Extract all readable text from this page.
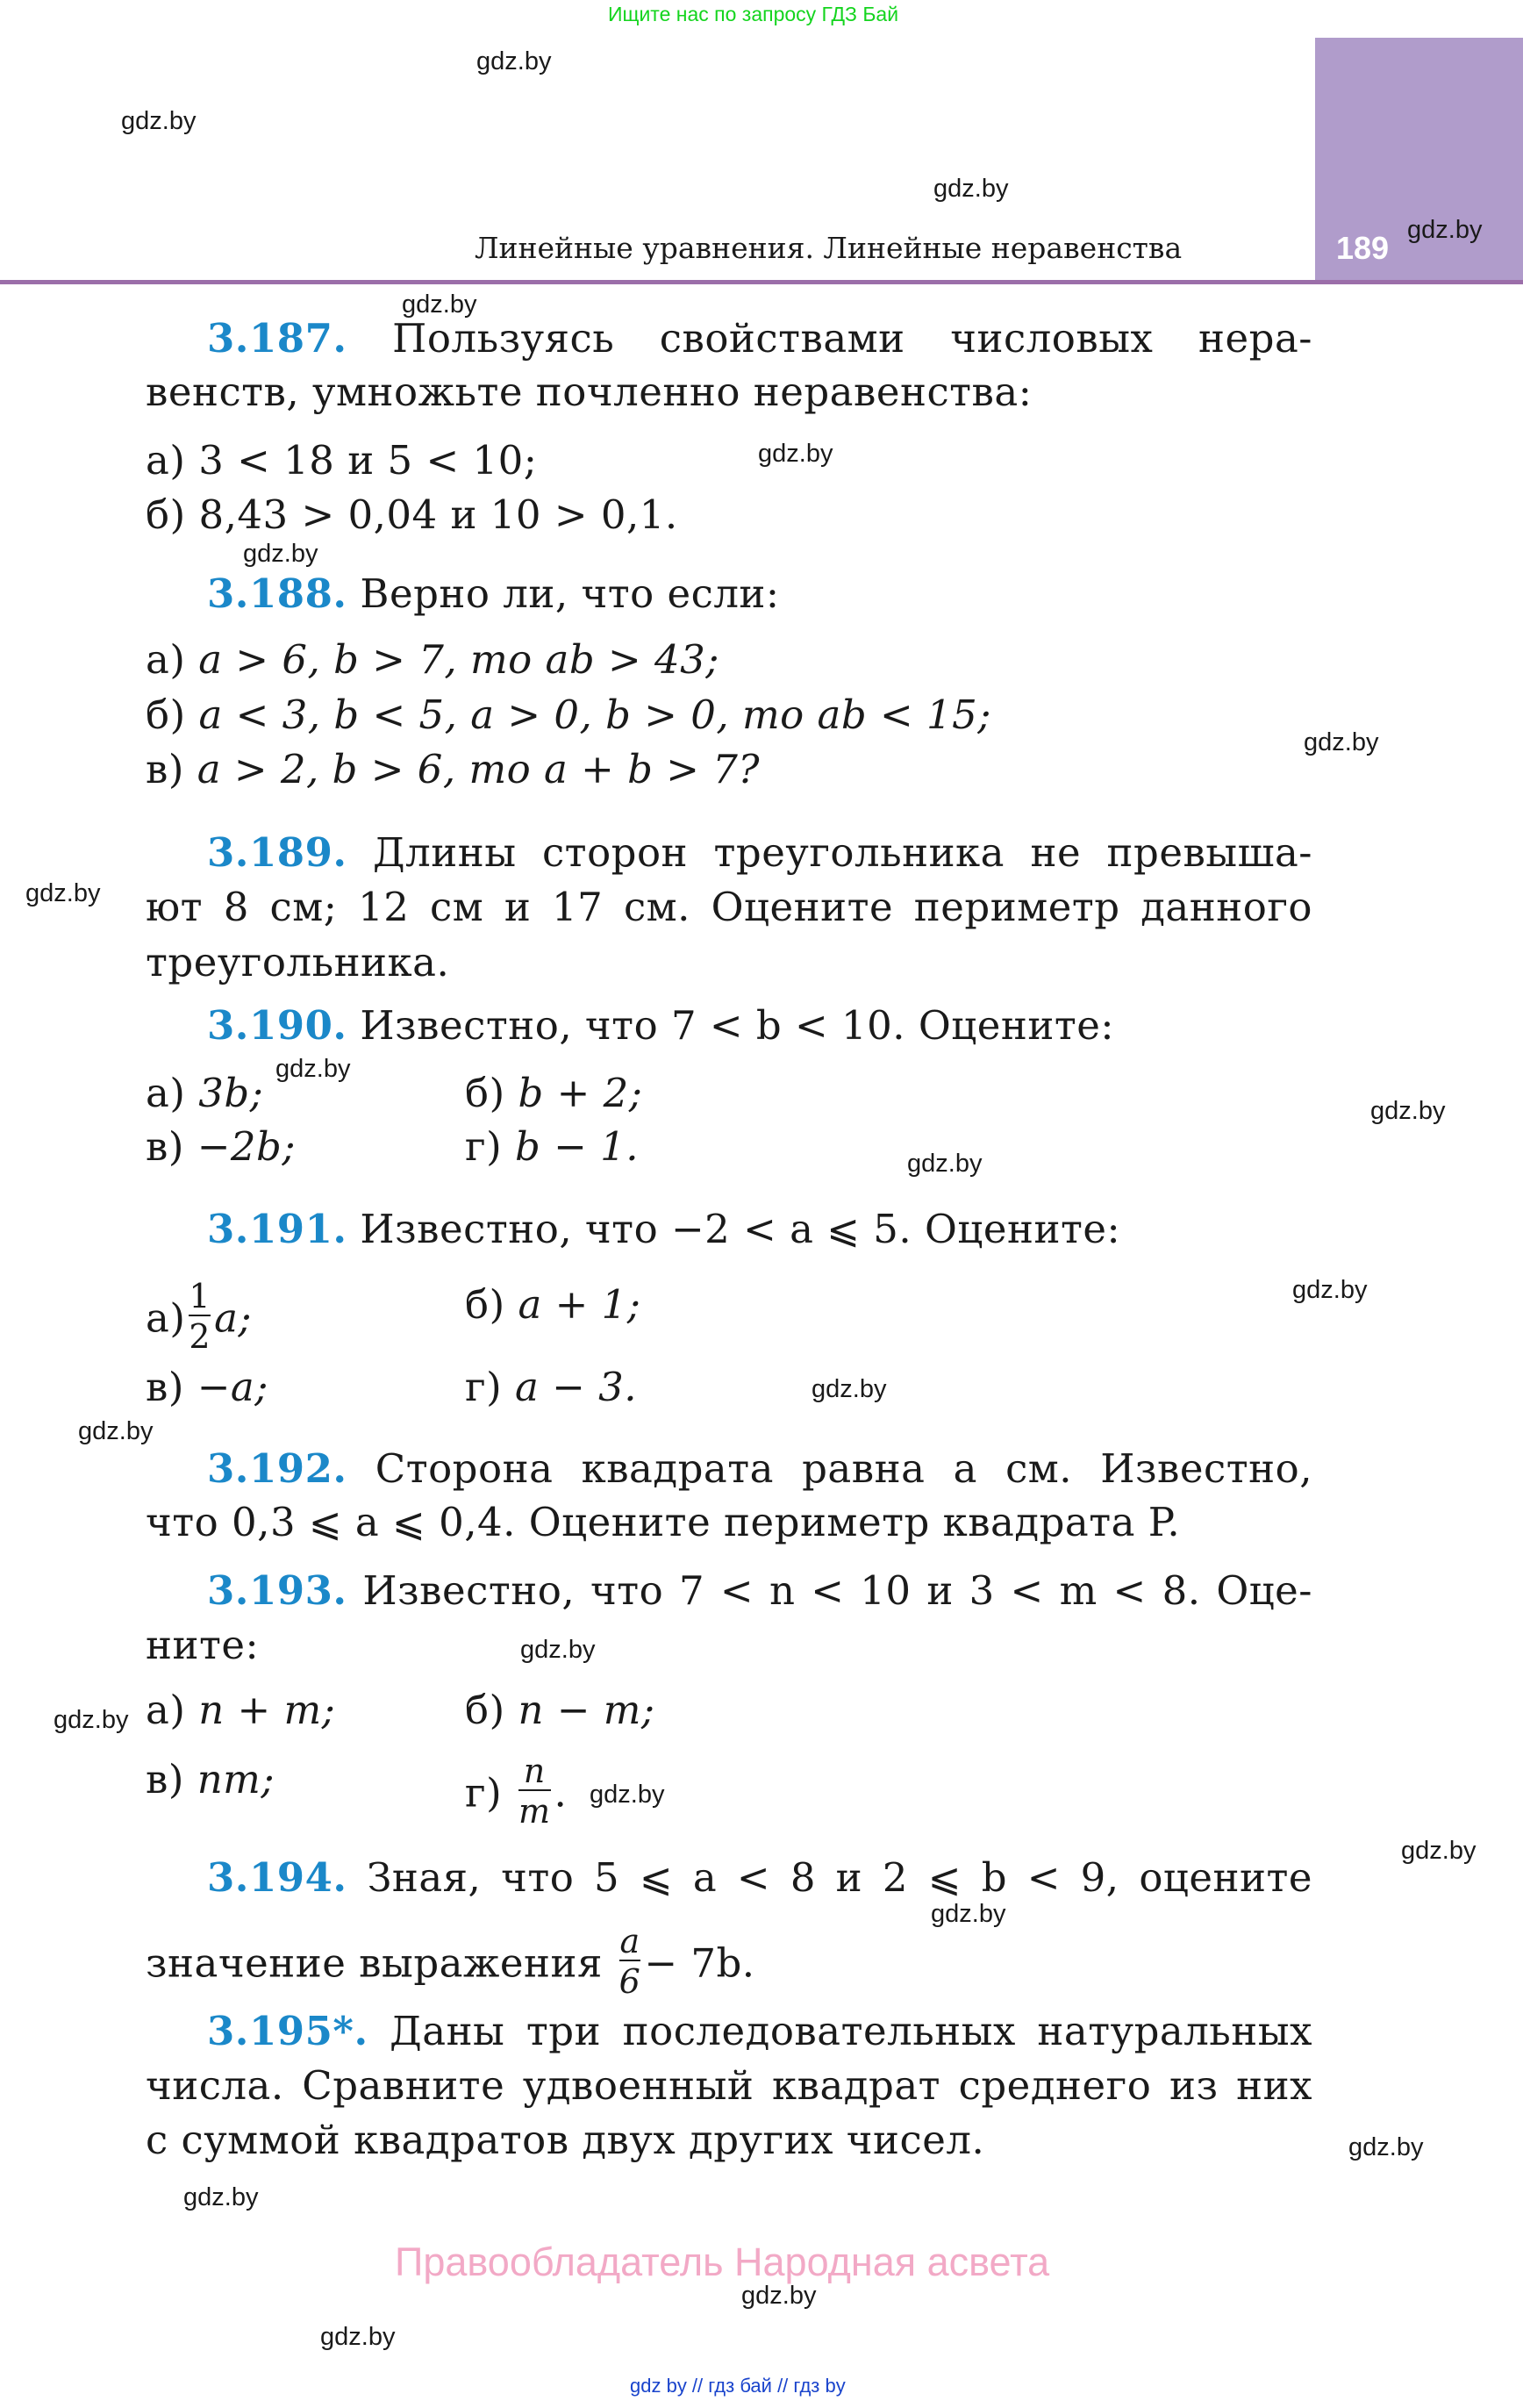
Ищите нас по запросу ГДЗ Бай
189
Линейные уравнения. Линейные неравенства
3.187. Пользуясь свойствами числовых нера-
венств, умножьте почленно неравенства:
а) 3 < 18 и 5 < 10;
б) 8,43 > 0,04 и 10 > 0,1.
3.188. Верно ли, что если:
а) a > 6, b > 7, то ab > 43;
б) a < 3, b < 5, a > 0, b > 0, то ab < 15;
в) a > 2, b > 6, то a + b > 7?
3.189. Длины сторон треугольника не превыша-
ют 8 см; 12 см и 17 см. Оцените периметр данного
треугольника.
3.190. Известно, что 7 < b < 10. Оцените:
а) 3b;	б) b + 2;
в) −2b;	г) b − 1.
3.191. Известно, что −2 < a ⩽ 5. Оцените:
$а) \frac{1}{2} a$;	б) a + 1;
в) −a;	г) a − 3.
3.192. Сторона квадрата равна a см. Известно,
что 0,3 ⩽ a ⩽ 0,4. Оцените периметр квадрата P.
3.193. Известно, что 7 < n < 10 и 3 < m < 8. Оце-
ните:
а) n + m;	б) n − m;
в) nm;	$г) \frac{n}{m}$ .
3.194. Зная, что 5 ⩽ a < 8 и 2 ⩽ b < 9, оцените
значение выражения $\frac{a}{6} - 7b$.
3.195*. Даны три последовательных натуральных
числа. Сравните удвоенный квадрат среднего из них
с суммой квадратов двух других чисел.
Правообладатель Народная асвета
gdz by // гдз бай // гдз by
gdz.by
gdz.by
gdz.by
gdz.by
gdz.by
gdz.by
gdz.by
gdz.by
gdz.by
gdz.by
gdz.by
gdz.by
gdz.by
gdz.by
gdz.by
gdz.by
gdz.by
gdz.by
gdz.by
gdz.by
gdz.by
gdz.by
gdz.by
gdz.by
